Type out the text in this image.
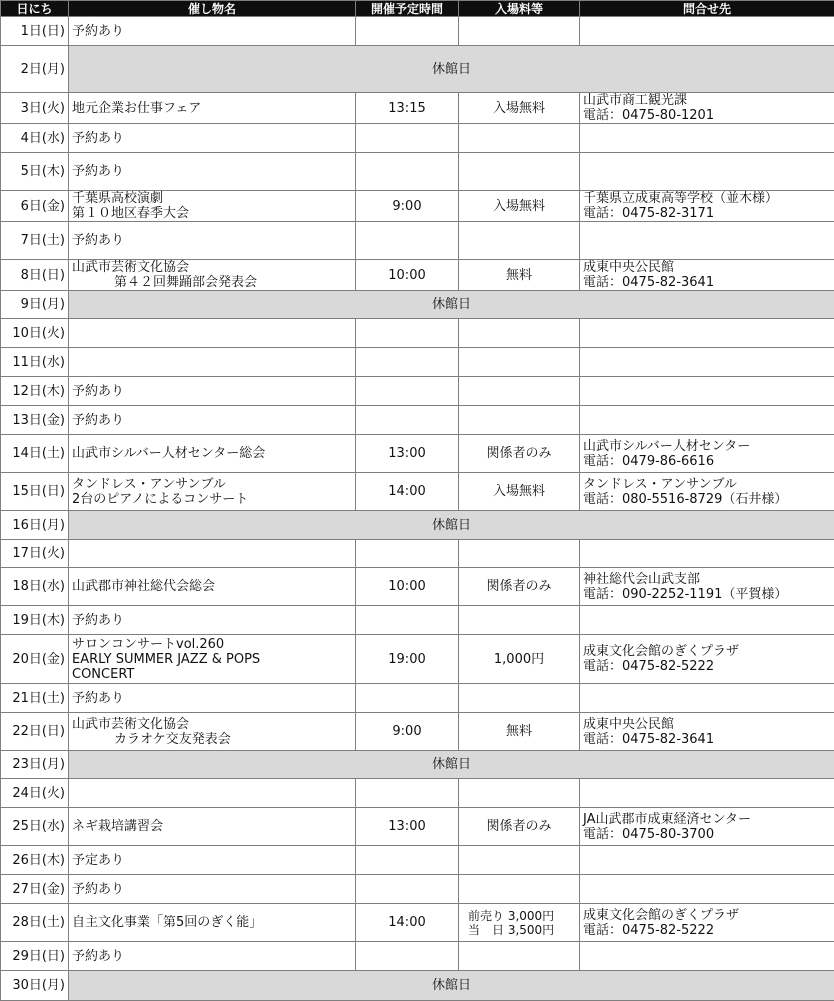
日にち	催し物名	開催予定時間	入場料等	問合せ先
1日(日)	予約あり			

2日(月)	休館日			
3日(火)	地元企業お仕事フェア	13:15	入場無料	山武市商工観光課
電話：0475-80-1201

4日(水)	予約あり			

5日(木)	予約あり			

6日(金)	千葉県高校演劇
第１０地区春季大会	9:00	入場無料	千葉県立成東高等学校（並木様）
電話：0475-82-3171

7日(土)	予約あり			

8日(日)	山武市芸術文化協会
第４２回舞踊部会発表会	10:00	無料	成東中央公民館
電話：0475-82-3641

9日(月)	休館日			
10日(火)				
11日(水)				
12日(木)	予約あり			

13日(金)	予約あり			

14日(土)	山武市シルバー人材センター総会	13:00	関係者のみ	山武市シルバー人材センター
電話：0479-86-6616

15日(日)	タンドレス・アンサンブル
2台のピアノによるコンサート	14:00	入場無料	タンドレス・アンサンブル
電話：080-5516-8729（石井様）

16日(月)	休館日			
17日(火)				
18日(水)	山武郡市神社総代会総会	10:00	関係者のみ	神社総代会山武支部
電話：090-2252-1191（平賀様）

19日(木)	予約あり			

20日(金)	サロンコンサートvol.260
EARLY SUMMER JAZZ & POPS
CONCERT	19:00	1,000円	成東文化会館のぎくプラザ
電話：0475-82-5222

21日(土)	予約あり			

22日(日)	山武市芸術文化協会
カラオケ交友発表会	9:00	無料	成東中央公民館
電話：0475-82-3641

23日(月)	休館日			
24日(火)				
25日(水)	ネギ栽培講習会	13:00	関係者のみ	JA山武郡市成東経済センター
電話：0475-80-3700

26日(木)	予定あり			

27日(金)	予約あり			

28日(土)	自主文化事業「第5回のぎく能」	14:00	前売り 3,000円
当　日 3,500円	成東文化会館のぎくプラザ
電話：0475-82-5222

29日(日)	予約あり			

30日(月)	休館日			
